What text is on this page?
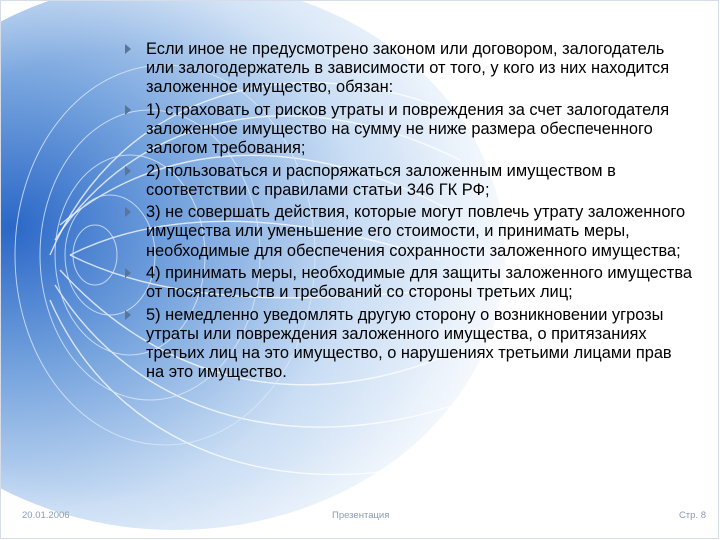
Если иное не предусмотрено законом или договором, залогодатель или залогодержатель в зависимости от того, у кого из них находится заложенное имущество, обязан:
1) страховать от рисков утраты и повреждения за счет залогодателя заложенное имущество на сумму не ниже размера обеспеченного залогом требования;
2) пользоваться и распоряжаться заложенным имуществом в соответствии с правилами статьи 346 ГК РФ;
3) не совершать действия, которые могут повлечь утрату заложенного имущества или уменьшение его стоимости, и принимать меры, необходимые для обеспечения сохранности заложенного имущества;
4) принимать меры, необходимые для защиты заложенного имущества от посягательств и требований со стороны третьих лиц;
5) немедленно уведомлять другую сторону о возникновении угрозы утраты или повреждения заложенного имущества, о притязаниях третьих лиц на это имущество, о нарушениях третьими лицами прав на это имущество.
20.01.2006	Презентация	Стр. 8
